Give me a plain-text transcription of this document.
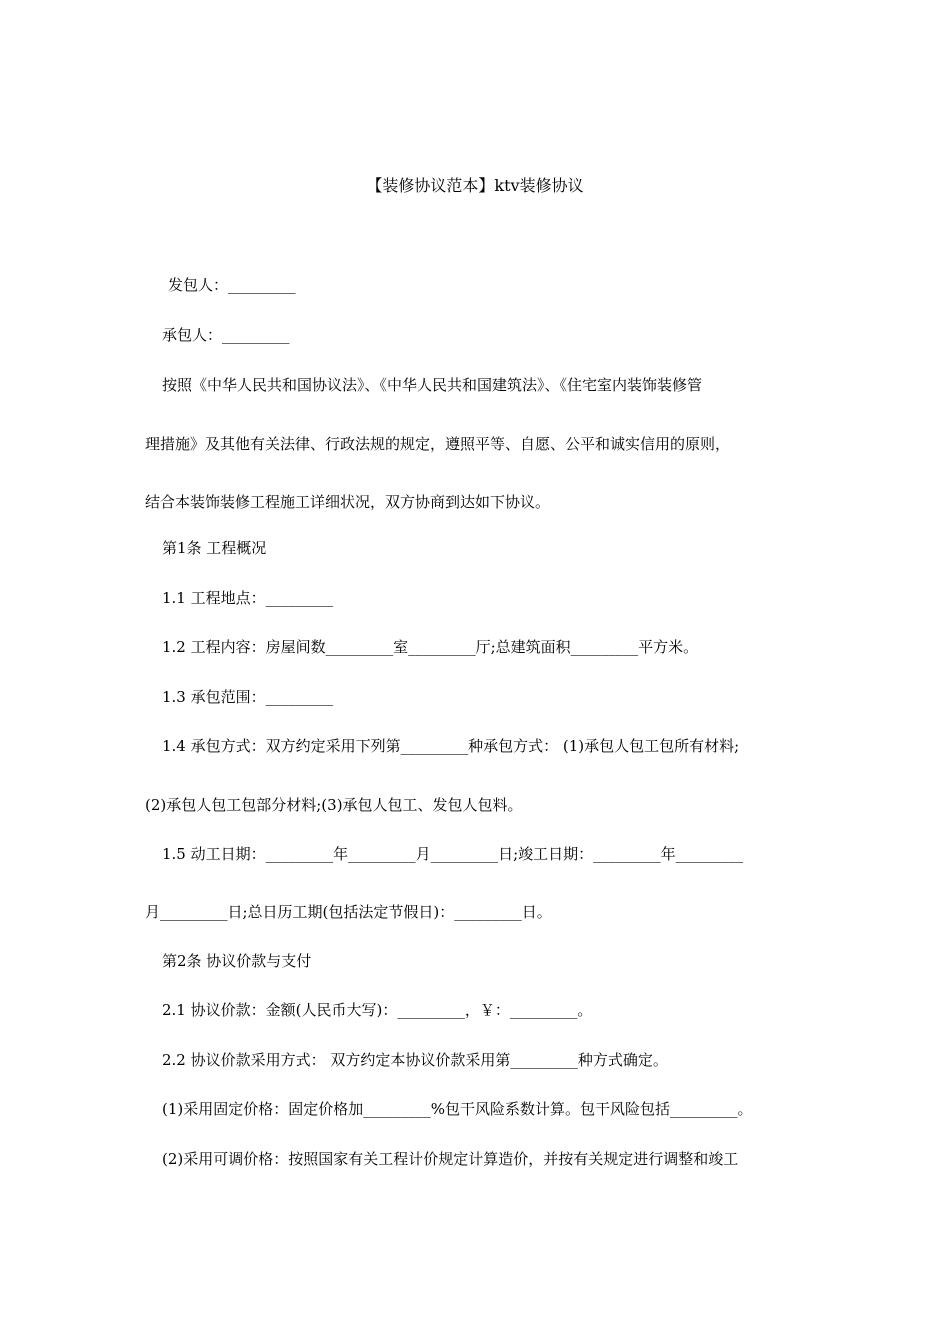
【装修协议范本】ktv装修协议
发包人：_________
承包人：_________
按照《中华人民共和国协议法》、《中华人民共和国建筑法》、《住宅室内装饰装修管
理措施》及其他有关法律、行政法规的规定，遵照平等、自愿、公平和诚实信用的原则，
结合本装饰装修工程施工详细状况，双方协商到达如下协议。
第1条 工程概况
1.1 工程地点：_________
1.2 工程内容：房屋间数_________室_________厅;总建筑面积_________平方米。
1.3 承包范围：_________
1.4 承包方式：双方约定采用下列第_________种承包方式： (1)承包人包工包所有材料;
(2)承包人包工包部分材料;(3)承包人包工、发包人包料。
1.5 动工日期：_________年_________月_________日;竣工日期：_________年_________
月_________日;总日历工期(包括法定节假日)：_________日。
第2条 协议价款与支付
2.1 协议价款：金额(人民币大写)：_________，￥：_________。
2.2 协议价款采用方式： 双方约定本协议价款采用第_________种方式确定。
(1)采用固定价格：固定价格加_________%包干风险系数计算。包干风险包括_________。
(2)采用可调价格：按照国家有关工程计价规定计算造价，并按有关规定进行调整和竣工
